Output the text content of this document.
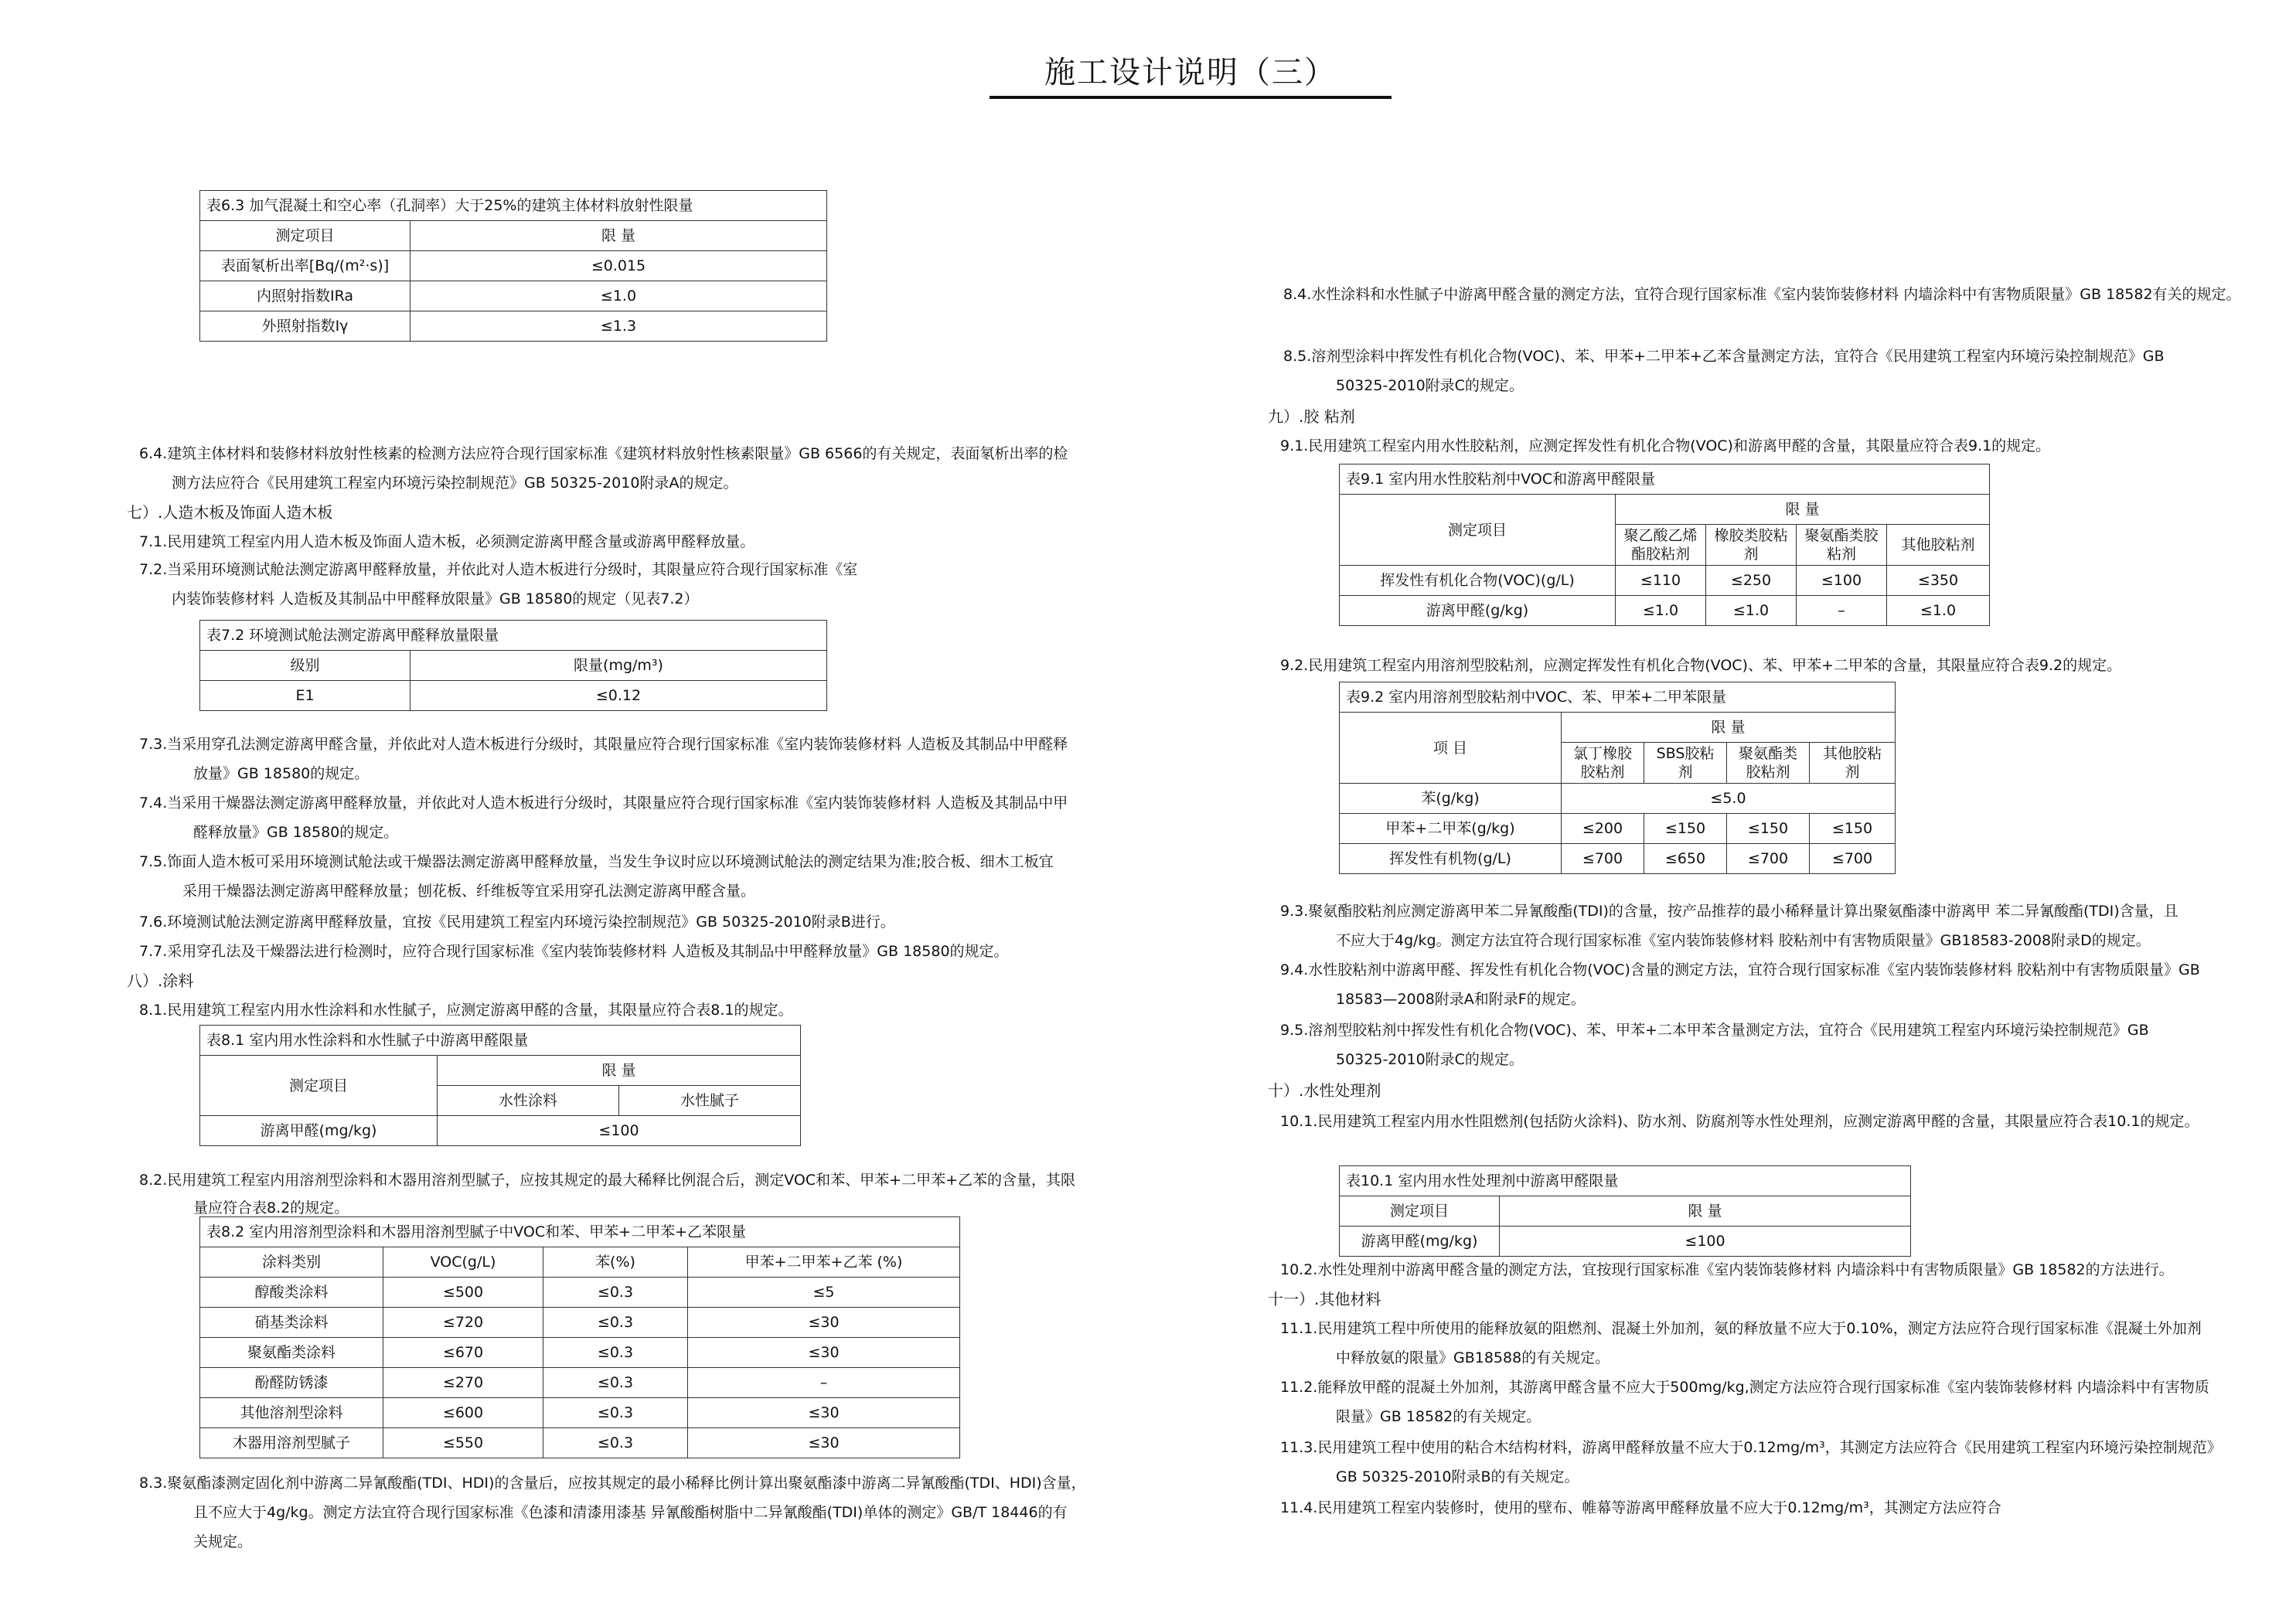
施工设计说明（三）
表6.3 加气混凝土和空心率（孔洞率）大于25%的建筑主体材料放射性限量	
测定项目	限 量
表面氡析出率[Bq/(m²·s)]	≤0.015
内照射指数IRa	≤1.0
外照射指数Iγ	≤1.3
6.4.建筑主体材料和装修材料放射性核素的检测方法应符合现行国家标准《建筑材料放射性核素限量》GB 6566的有关规定，表面氡析出率的检
测方法应符合《民用建筑工程室内环境污染控制规范》GB 50325-2010附录A的规定。
七）.人造木板及饰面人造木板
7.1.民用建筑工程室内用人造木板及饰面人造木板，必须测定游离甲醛含量或游离甲醛释放量。
7.2.当采用环境测试舱法测定游离甲醛释放量，并依此对人造木板进行分级时，其限量应符合现行国家标准《室
内装饰装修材料 人造板及其制品中甲醛释放限量》GB 18580的规定（见表7.2）
表7.2 环境测试舱法测定游离甲醛释放量限量	
级别	限量(mg/m³)
E1	≤0.12
7.3.当采用穿孔法测定游离甲醛含量，并依此对人造木板进行分级时，其限量应符合现行国家标准《室内装饰装修材料 人造板及其制品中甲醛释
放量》GB 18580的规定。
7.4.当采用干燥器法测定游离甲醛释放量，并依此对人造木板进行分级时，其限量应符合现行国家标准《室内装饰装修材料 人造板及其制品中甲
醛释放量》GB 18580的规定。
7.5.饰面人造木板可采用环境测试舱法或干燥器法测定游离甲醛释放量，当发生争议时应以环境测试舱法的测定结果为准;胶合板、细木工板宜
采用干燥器法测定游离甲醛释放量；刨花板、纤维板等宜采用穿孔法测定游离甲醛含量。
7.6.环境测试舱法测定游离甲醛释放量，宜按《民用建筑工程室内环境污染控制规范》GB 50325-2010附录B进行。
7.7.采用穿孔法及干燥器法进行检测时，应符合现行国家标准《室内装饰装修材料 人造板及其制品中甲醛释放量》GB 18580的规定。
八）.涂料
8.1.民用建筑工程室内用水性涂料和水性腻子，应测定游离甲醛的含量，其限量应符合表8.1的规定。
表8.1 室内用水性涂料和水性腻子中游离甲醛限量		
测定项目	限 量	
	水性涂料	水性腻子
游离甲醛(mg/kg)	≤100	
8.2.民用建筑工程室内用溶剂型涂料和木器用溶剂型腻子，应按其规定的最大稀释比例混合后，测定VOC和苯、甲苯+二甲苯+乙苯的含量，其限
量应符合表8.2的规定。
表8.2 室内用溶剂型涂料和木器用溶剂型腻子中VOC和苯、甲苯+二甲苯+乙苯限量			
涂料类别	VOC(g/L)	苯(%)	甲苯+二甲苯+乙苯 (%)
醇酸类涂料	≤500	≤0.3	≤5
硝基类涂料	≤720	≤0.3	≤30
聚氨酯类涂料	≤670	≤0.3	≤30
酚醛防锈漆	≤270	≤0.3	–
其他溶剂型涂料	≤600	≤0.3	≤30
木器用溶剂型腻子	≤550	≤0.3	≤30
8.3.聚氨酯漆测定固化剂中游离二异氰酸酯(TDI、HDI)的含量后，应按其规定的最小稀释比例计算出聚氨酯漆中游离二异氰酸酯(TDI、HDI)含量，
且不应大于4g/kg。测定方法宜符合现行国家标准《色漆和清漆用漆基 异氰酸酯树脂中二异氰酸酯(TDI)单体的测定》GB/T 18446的有
关规定。
8.4.水性涂料和水性腻子中游离甲醛含量的测定方法，宜符合现行国家标准《室内装饰装修材料 内墙涂料中有害物质限量》GB 18582有关的规定。
8.5.溶剂型涂料中挥发性有机化合物(VOC)、苯、甲苯+二甲苯+乙苯含量测定方法，宜符合《民用建筑工程室内环境污染控制规范》GB
50325-2010附录C的规定。
九）.胶 粘剂
9.1.民用建筑工程室内用水性胶粘剂，应测定挥发性有机化合物(VOC)和游离甲醛的含量，其限量应符合表9.1的规定。
表9.1 室内用水性胶粘剂中VOC和游离甲醛限量				
测定项目	限 量			
	聚乙酸乙烯酯胶粘剂	橡胶类胶粘剂	聚氨酯类胶粘剂	其他胶粘剂
挥发性有机化合物(VOC)(g/L)	≤110	≤250	≤100	≤350
游离甲醛(g/kg)	≤1.0	≤1.0	–	≤1.0
9.2.民用建筑工程室内用溶剂型胶粘剂，应测定挥发性有机化合物(VOC)、苯、甲苯+二甲苯的含量，其限量应符合表9.2的规定。
表9.2 室内用溶剂型胶粘剂中VOC、苯、甲苯+二甲苯限量				
项 目	限 量			
	氯丁橡胶胶粘剂	SBS胶粘剂	聚氨酯类胶粘剂	其他胶粘剂
苯(g/kg)	≤5.0			
甲苯+二甲苯(g/kg)	≤200	≤150	≤150	≤150
挥发性有机物(g/L)	≤700	≤650	≤700	≤700
9.3.聚氨酯胶粘剂应测定游离甲苯二异氰酸酯(TDI)的含量，按产品推荐的最小稀释量计算出聚氨酯漆中游离甲 苯二异氰酸酯(TDI)含量，且
不应大于4g/kg。测定方法宜符合现行国家标准《室内装饰装修材料 胶粘剂中有害物质限量》GB18583-2008附录D的规定。
9.4.水性胶粘剂中游离甲醛、挥发性有机化合物(VOC)含量的测定方法，宜符合现行国家标准《室内装饰装修材料 胶粘剂中有害物质限量》GB
18583—2008附录A和附录F的规定。
9.5.溶剂型胶粘剂中挥发性有机化合物(VOC)、苯、甲苯+二本甲苯含量测定方法，宜符合《民用建筑工程室内环境污染控制规范》GB
50325-2010附录C的规定。
十）.水性处理剂
10.1.民用建筑工程室内用水性阻燃剂(包括防火涂料)、防水剂、防腐剂等水性处理剂，应测定游离甲醛的含量，其限量应符合表10.1的规定。
表10.1 室内用水性处理剂中游离甲醛限量	
测定项目	限 量
游离甲醛(mg/kg)	≤100
10.2.水性处理剂中游离甲醛含量的测定方法，宜按现行国家标准《室内装饰装修材料 内墙涂料中有害物质限量》GB 18582的方法进行。
十一）.其他材料
11.1.民用建筑工程中所使用的能释放氨的阻燃剂、混凝土外加剂，氨的释放量不应大于0.10%，测定方法应符合现行国家标准《混凝土外加剂
中释放氨的限量》GB18588的有关规定。
11.2.能释放甲醛的混凝土外加剂，其游离甲醛含量不应大于500mg/kg,测定方法应符合现行国家标准《室内装饰装修材料 内墙涂料中有害物质
限量》GB 18582的有关规定。
11.3.民用建筑工程中使用的粘合木结构材料，游离甲醛释放量不应大于0.12mg/m³，其测定方法应符合《民用建筑工程室内环境污染控制规范》
GB 50325-2010附录B的有关规定。
11.4.民用建筑工程室内装修时，使用的壁布、帷幕等游离甲醛释放量不应大于0.12mg/m³，其测定方法应符合
